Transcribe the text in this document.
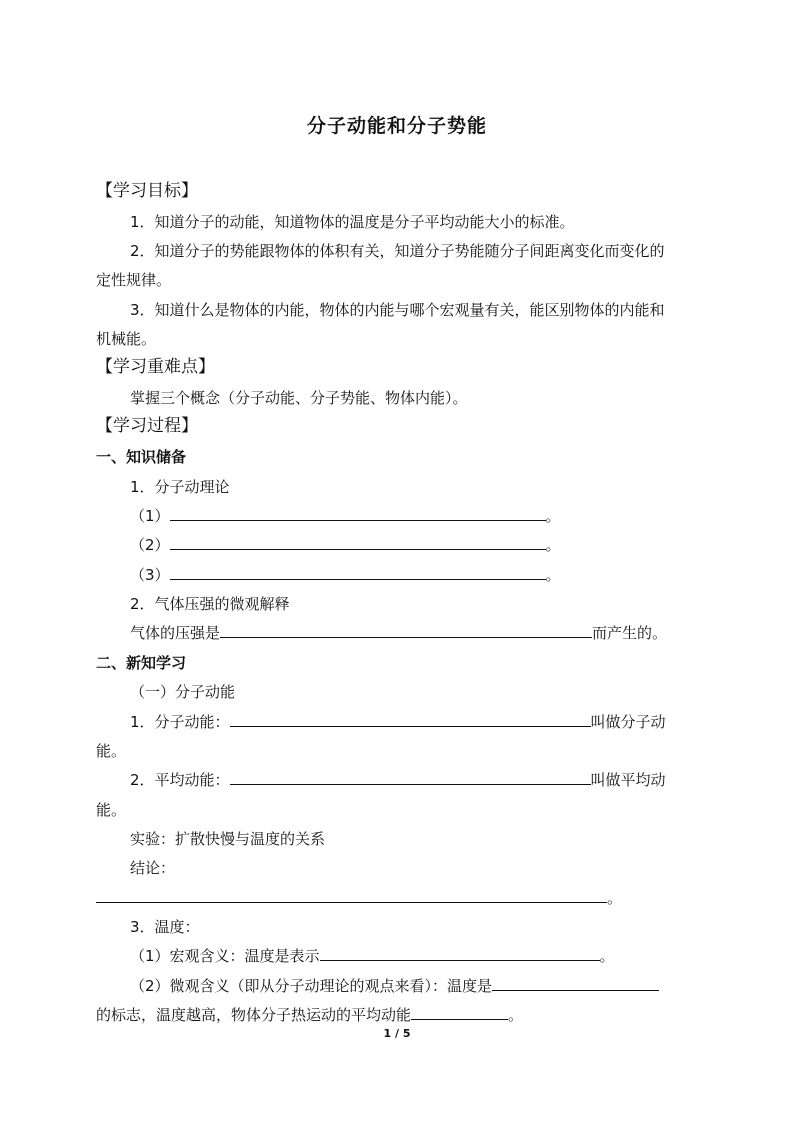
分子动能和分子势能
【学习目标】
1．知道分子的动能，知道物体的温度是分子平均动能大小的标准。
2．知道分子的势能跟物体的体积有关，知道分子势能随分子间距离变化而变化的
定性规律。
3．知道什么是物体的内能，物体的内能与哪个宏观量有关，能区别物体的内能和
机械能。
【学习重难点】
掌握三个概念（分子动能、分子势能、物体内能）。
【学习过程】
一、知识储备
1．分子动理论
（1）	。
（2）	。
（3）	。
2．气体压强的微观解释
气体的压强是	而产生的。
二、新知学习
（一）分子动能
1．分子动能：	叫做分子动
能。
2．平均动能：	叫做平均动
能。
实验：扩散快慢与温度的关系
结论：
。
3．温度：
（1）宏观含义：温度是表示	。
（2）微观含义（即从分子动理论的观点来看）：温度是
的标志，温度越高，物体分子热运动的平均动能	。
1 / 5
